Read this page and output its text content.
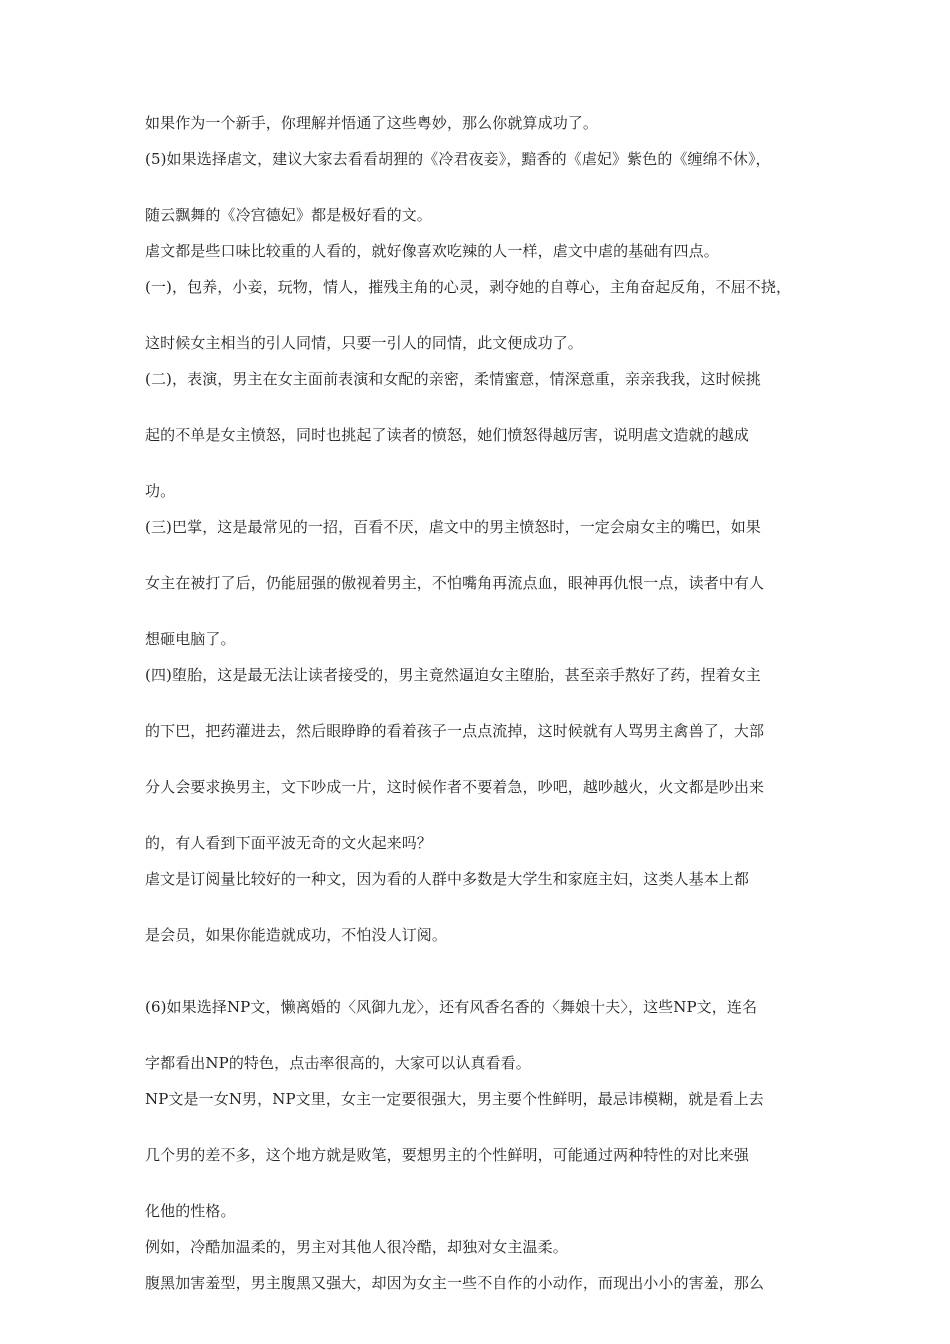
如果作为一个新手，你理解并悟通了这些粤妙，那么你就算成功了。
(5)如果选择虐文，建议大家去看看胡狸的《冷君夜妾》，黯香的《虐妃》紫色的《缠绵不休》，
随云飘舞的《冷宫德妃》都是极好看的文。
虐文都是些口味比较重的人看的，就好像喜欢吃辣的人一样，虐文中虐的基础有四点。
(一)，包养，小妾，玩物，情人，摧残主角的心灵，剥夺她的自尊心，主角奋起反角，不屈不挠，
这时候女主相当的引人同情，只要一引人的同情，此文便成功了。
(二)，表演，男主在女主面前表演和女配的亲密，柔情蜜意，情深意重，亲亲我我，这时候挑
起的不单是女主愤怒，同时也挑起了读者的愤怒，她们愤怒得越厉害，说明虐文造就的越成
功。
(三)巴掌，这是最常见的一招，百看不厌，虐文中的男主愤怒时，一定会扇女主的嘴巴，如果
女主在被打了后，仍能屈强的傲视着男主，不怕嘴角再流点血，眼神再仇恨一点，读者中有人
想砸电脑了。
(四)堕胎，这是最无法让读者接受的，男主竟然逼迫女主堕胎，甚至亲手熬好了药，捏着女主
的下巴，把药灌进去，然后眼睁睁的看着孩子一点点流掉，这时候就有人骂男主禽兽了，大部
分人会要求换男主，文下吵成一片，这时候作者不要着急，吵吧，越吵越火，火文都是吵出来
的，有人看到下面平波无奇的文火起来吗？
虐文是订阅量比较好的一种文，因为看的人群中多数是大学生和家庭主妇，这类人基本上都
是会员，如果你能造就成功，不怕没人订阅。
(6)如果选择NP文，懒离婚的〈风御九龙〉，还有风香名香的〈舞娘十夫〉，这些NP文，连名
字都看出NP的特色，点击率很高的，大家可以认真看看。
NP文是一女N男，NP文里，女主一定要很强大，男主要个性鲜明，最忌讳模糊，就是看上去
几个男的差不多，这个地方就是败笔，要想男主的个性鲜明，可能通过两种特性的对比来强
化他的性格。
例如，冷酷加温柔的，男主对其他人很冷酷，却独对女主温柔。
腹黑加害羞型，男主腹黑又强大，却因为女主一些不自作的小动作，而现出小小的害羞，那么
